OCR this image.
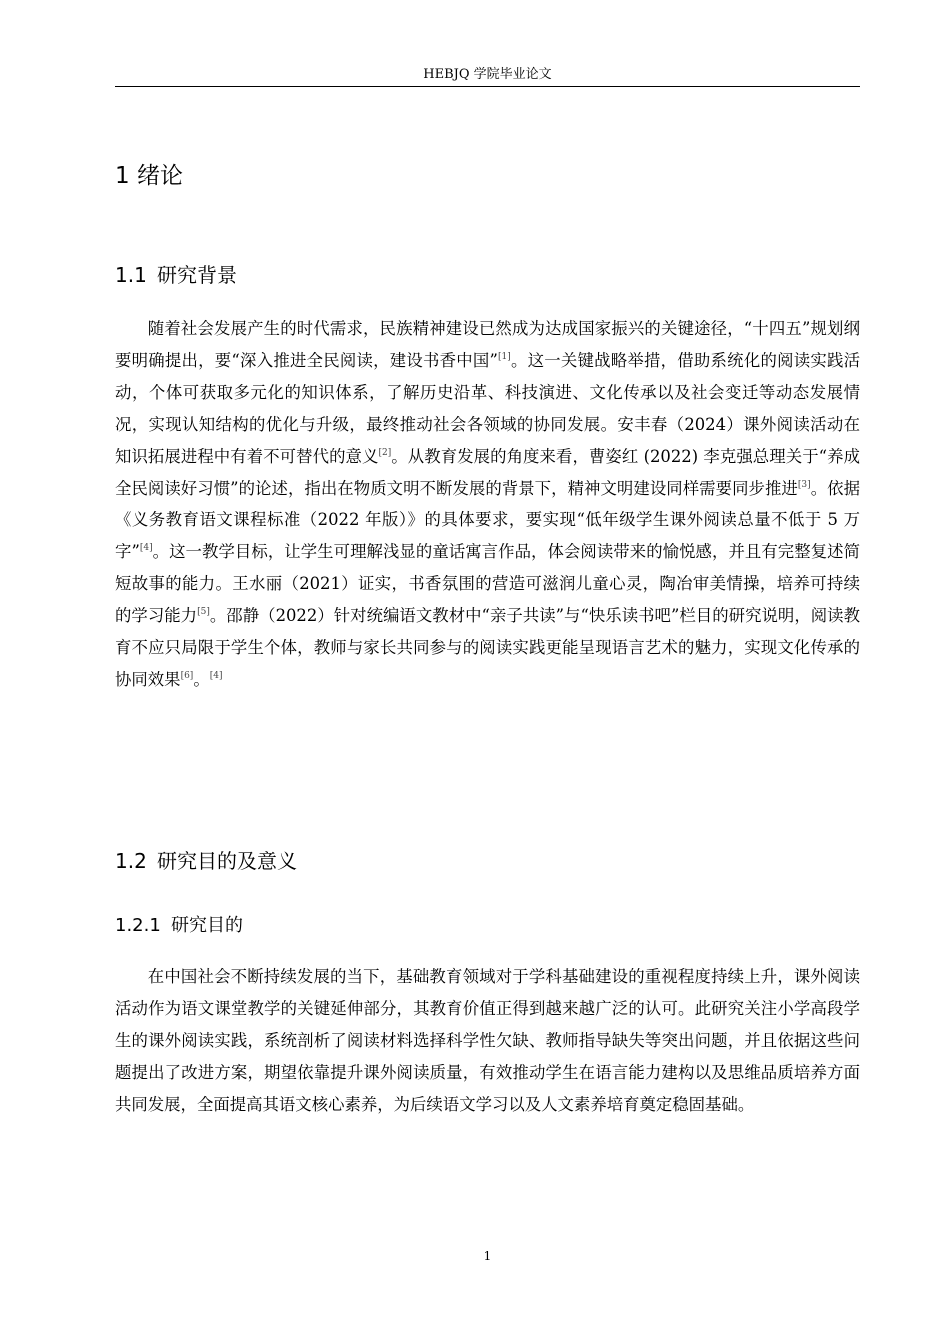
HEBJQ 学院毕业论文
1 绪论
1.1 研究背景
随着社会发展产生的时代需求，民族精神建设已然成为达成国家振兴的关键途径，“十四五”规划纲要明确提出，要“深入推进全民阅读，建设书香中国”[1]。这一关键战略举措，借助系统化的阅读实践活动，个体可获取多元化的知识体系，了解历史沿革、科技演进、文化传承以及社会变迁等动态发展情况，实现认知结构的优化与升级，最终推动社会各领域的协同发展。安丰春（2024）课外阅读活动在知识拓展进程中有着不可替代的意义[2]。从教育发展的角度来看，曹姿红 (2022) 李克强总理关于“养成全民阅读好习惯”的论述，指出在物质文明不断发展的背景下，精神文明建设同样需要同步推进[3]。依据《义务教育语文课程标准（2022 年版）》的具体要求，要实现“低年级学生课外阅读总量不低于 5 万字”[4]。这一教学目标，让学生可理解浅显的童话寓言作品，体会阅读带来的愉悦感，并且有完整复述简短故事的能力。王水丽（2021）证实，书香氛围的营造可滋润儿童心灵，陶冶审美情操，培养可持续的学习能力[5]。邵静（2022）针对统编语文教材中“亲子共读”与“快乐读书吧”栏目的研究说明，阅读教育不应只局限于学生个体，教师与家长共同参与的阅读实践更能呈现语言艺术的魅力，实现文化传承的协同效果[6]。[4]
1.2 研究目的及意义
1.2.1 研究目的
在中国社会不断持续发展的当下，基础教育领域对于学科基础建设的重视程度持续上升，课外阅读活动作为语文课堂教学的关键延伸部分，其教育价值正得到越来越广泛的认可。此研究关注小学高段学生的课外阅读实践，系统剖析了阅读材料选择科学性欠缺、教师指导缺失等突出问题，并且依据这些问题提出了改进方案，期望依靠提升课外阅读质量，有效推动学生在语言能力建构以及思维品质培养方面共同发展，全面提高其语文核心素养，为后续语文学习以及人文素养培育奠定稳固基础。
1
